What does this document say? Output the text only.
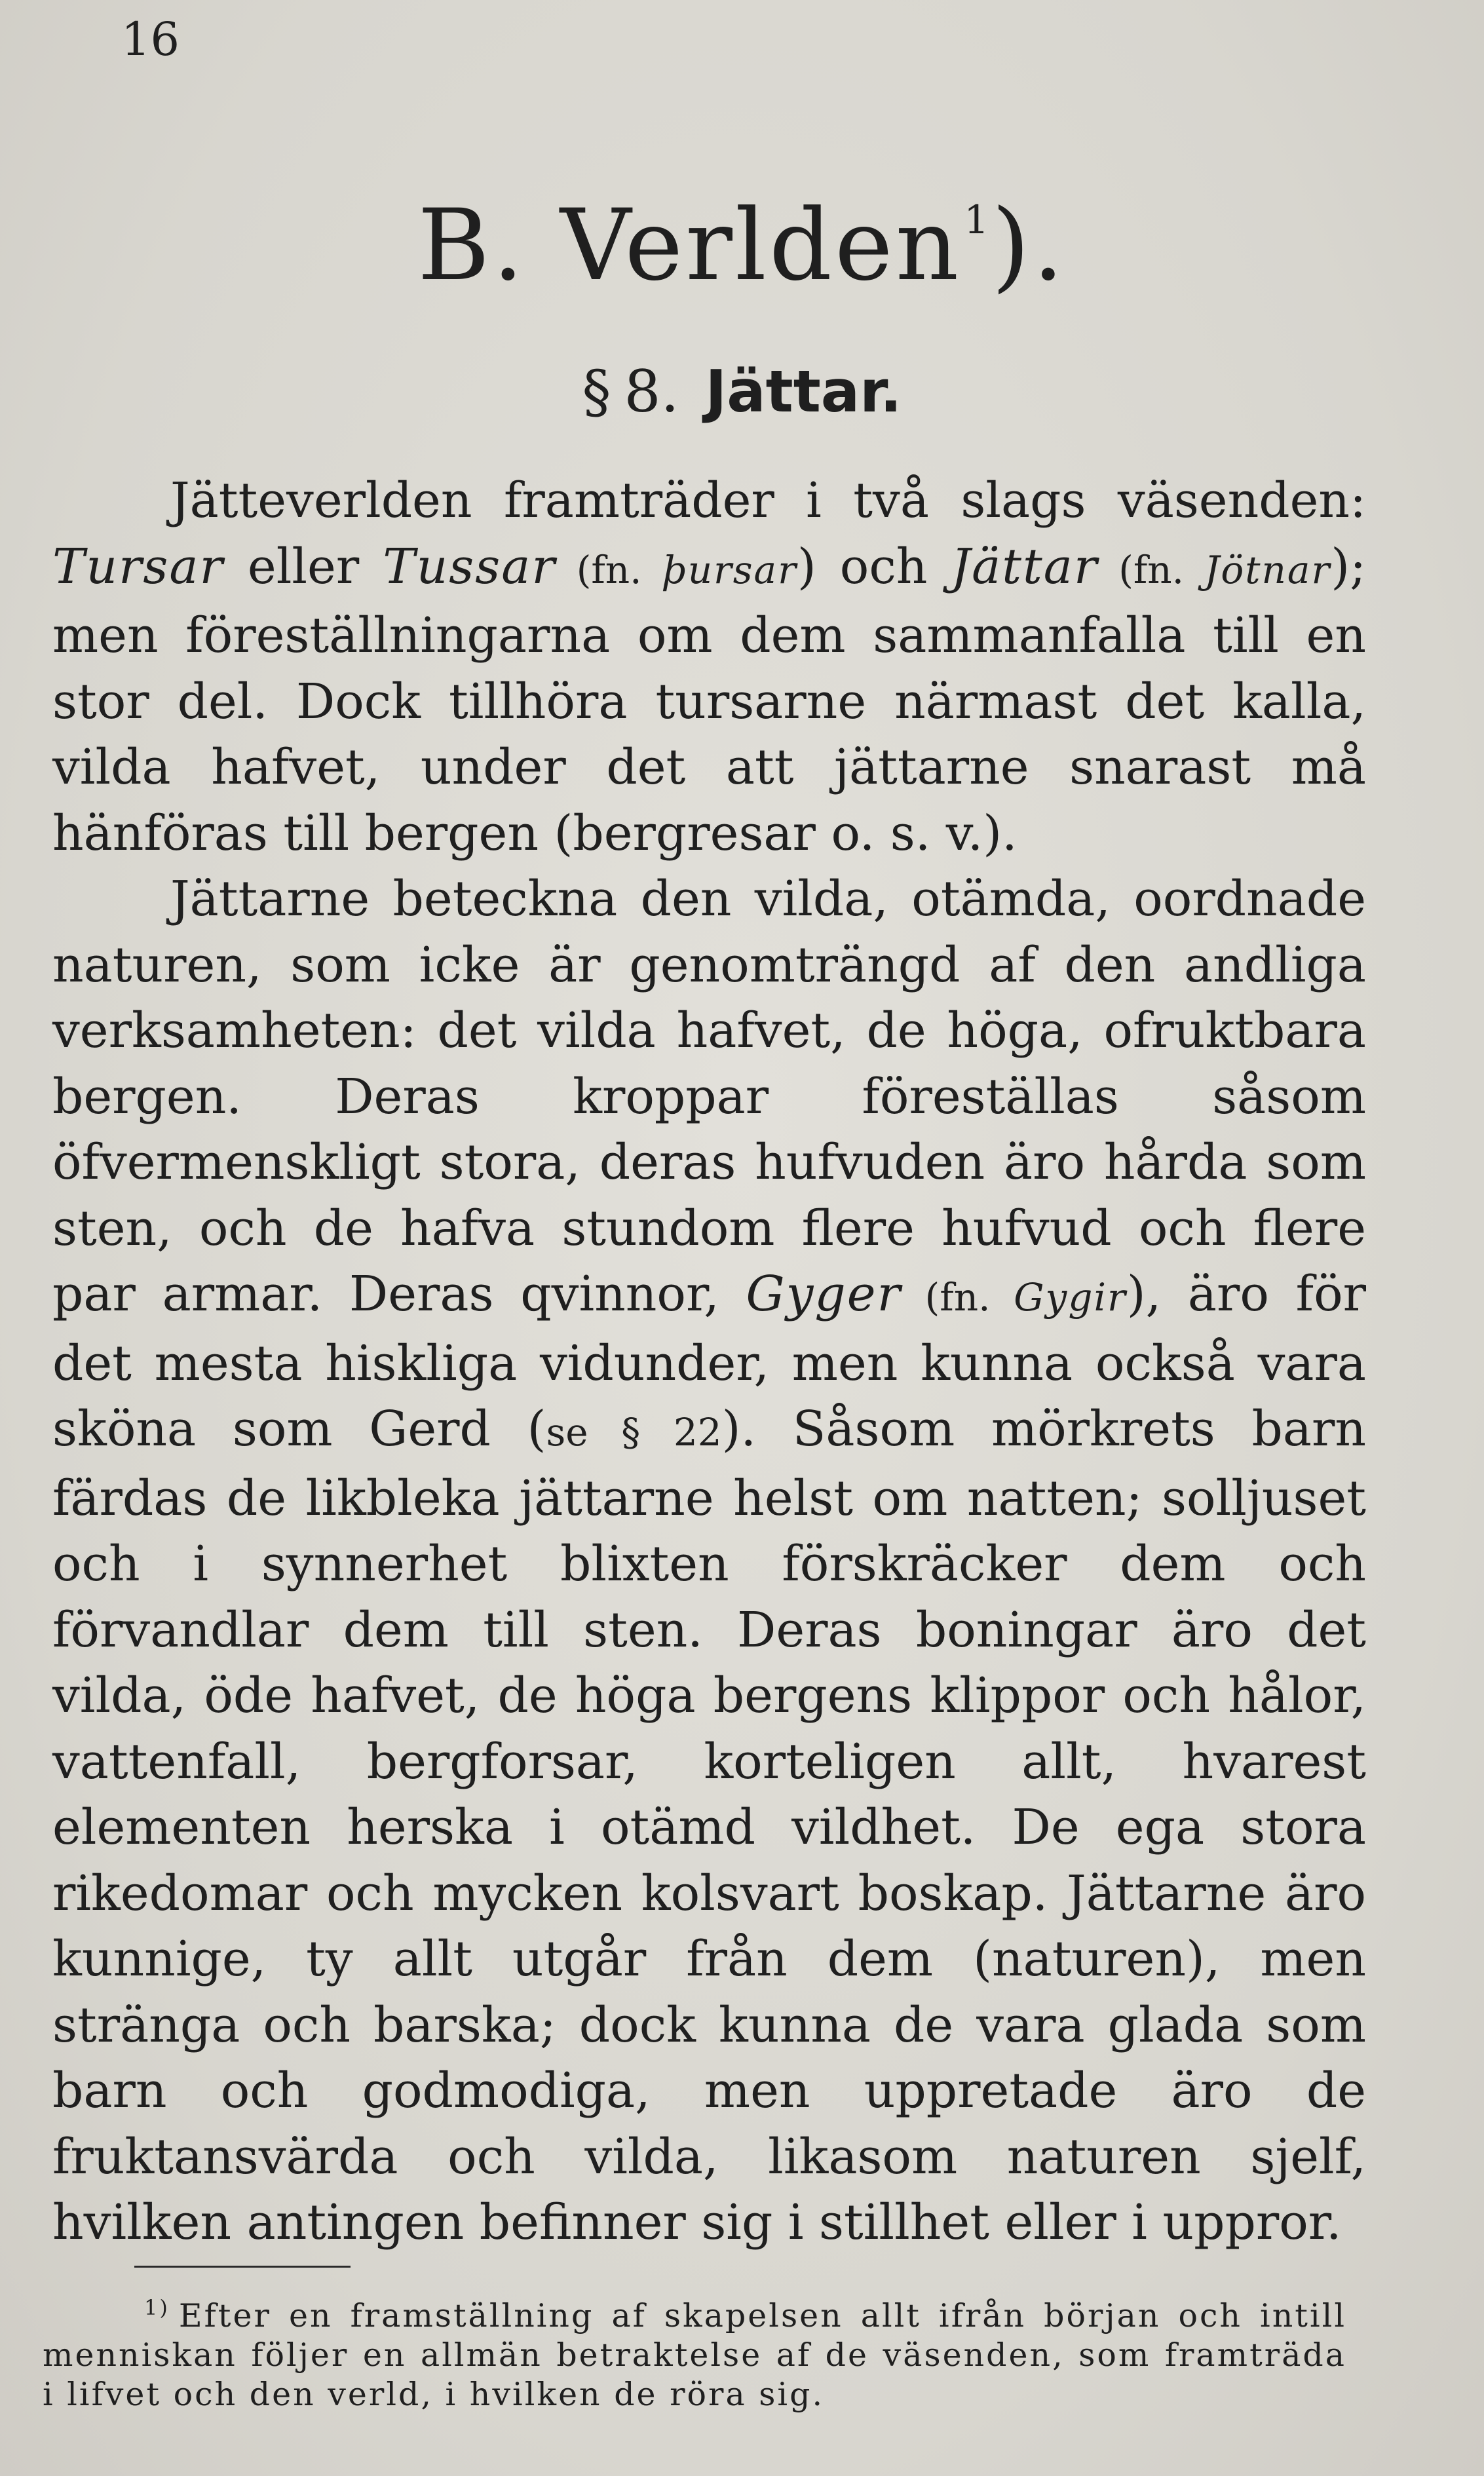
16
B. Verlden$^1$).
§ 8. Jättar.

Jätteverlden framträder i två slags väsenden: Tursar eller Tussar (fn. þursar) och Jättar (fn. Jötnar); men föreställningarna om dem sammanfalla till en stor del. Dock tillhöra tursarne närmast det kalla, vilda hafvet, under det att jättarne snarast må hänföras till bergen (bergresar o. s. v.).

Jättarne beteckna den vilda, otämda, oordnade naturen, som icke är genomträngd af den andliga verksamheten: det vilda hafvet, de höga, ofruktbara bergen. Deras kroppar föreställas såsom öfvermenskligt stora, deras hufvuden äro hårda som sten, och de hafva stundom flere hufvud och flere par armar. Deras qvinnor, Gyger (fn. Gygir), äro för det mesta hiskliga vidunder, men kunna också vara sköna som Gerd (se § 22). Såsom mörkrets barn färdas de likbleka jättarne helst om natten; solljuset och i synnerhet blixten förskräcker dem och förvandlar dem till sten. Deras boningar äro det vilda, öde hafvet, de höga bergens klippor och hålor, vattenfall, bergforsar, korteligen allt, hvarest elementen herska i otämd vildhet. De ega stora rikedomar och mycken kolsvart boskap. Jättarne äro kunnige, ty allt utgår från dem (naturen), men stränga och barska; dock kunna de vara glada som barn och godmodiga, men uppretade äro de fruktansvärda och vilda, likasom naturen sjelf, hvilken antingen befinner sig i stillhet eller i uppror.

$^{1)}$ Efter en framställning af skapelsen allt ifrån början och intill menniskan följer en allmän betraktelse af de väsenden, som framträda i lifvet och den verld, i hvilken de röra sig.
